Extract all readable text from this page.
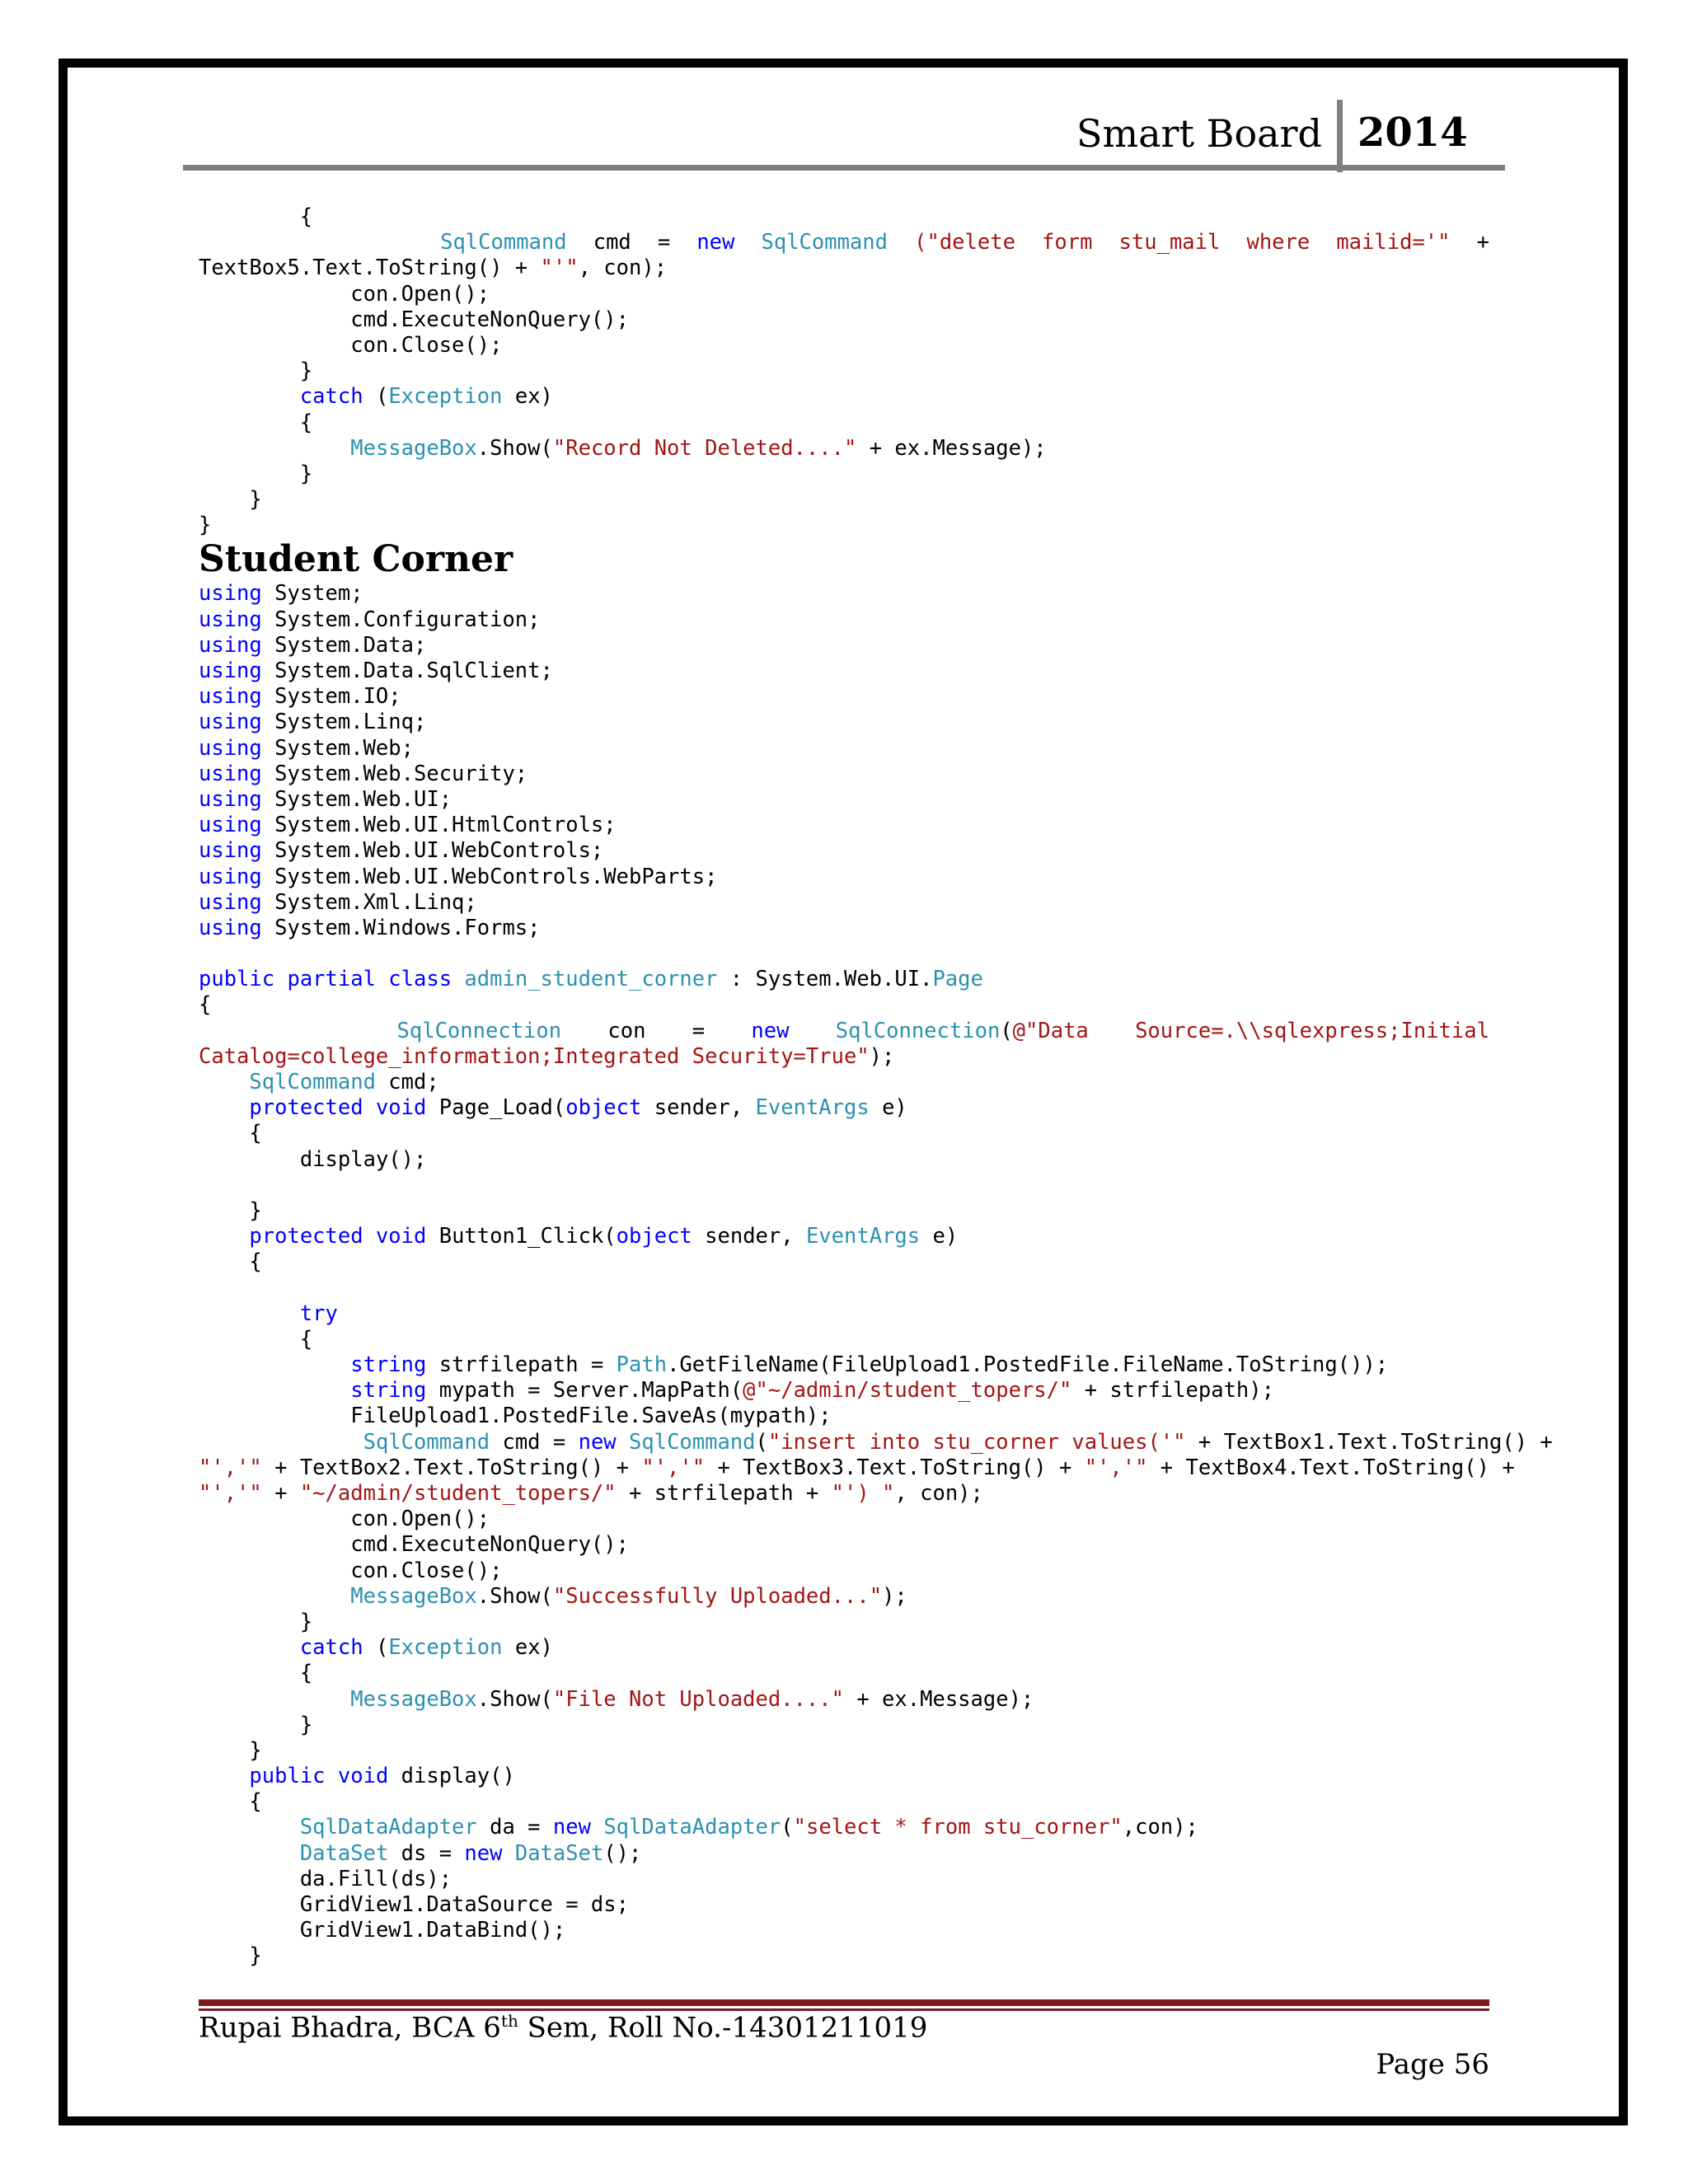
Smart Board 2014
{

SqlCommand cmd = new SqlCommand ("delete form stu_mail where mailid='" +
TextBox5.Text.ToString() + "'", con);
con.Open();
cmd.ExecuteNonQuery();
con.Close();
}
catch (Exception ex)
{
MessageBox.Show("Record Not Deleted...." + ex.Message);
}
}
}
Student Corner
using System;
using System.Configuration;
using System.Data;
using System.Data.SqlClient;
using System.IO;
using System.Linq;
using System.Web;
using System.Web.Security;
using System.Web.UI;
using System.Web.UI.HtmlControls;
using System.Web.UI.WebControls;
using System.Web.UI.WebControls.WebParts;
using System.Xml.Linq;
using System.Windows.Forms;
public partial class admin_student_corner : System.Web.UI.Page
{

SqlConnection con = new SqlConnection(@"Data Source=.\\sqlexpress;Initial
Catalog=college_information;Integrated Security=True");
SqlCommand cmd;
protected void Page_Load(object sender, EventArgs e)
{
display();
}
protected void Button1_Click(object sender, EventArgs e)
{
try
{
string strfilepath = Path.GetFileName(FileUpload1.PostedFile.FileName.ToString());
string mypath = Server.MapPath(@"~/admin/student_topers/" + strfilepath);
FileUpload1.PostedFile.SaveAs(mypath);
SqlCommand cmd = new SqlCommand("insert into stu_corner values('" + TextBox1.Text.ToString() +
"','" + TextBox2.Text.ToString() + "','" + TextBox3.Text.ToString() + "','" + TextBox4.Text.ToString() +
"','" + "~/admin/student_topers/" + strfilepath + "') ", con);
con.Open();
cmd.ExecuteNonQuery();
con.Close();
MessageBox.Show("Successfully Uploaded...");
}
catch (Exception ex)
{
MessageBox.Show("File Not Uploaded...." + ex.Message);
}
}
public void display()
{
SqlDataAdapter da = new SqlDataAdapter("select * from stu_corner",con);
DataSet ds = new DataSet();
da.Fill(ds);
GridView1.DataSource = ds;
GridView1.DataBind();
}
Rupai Bhadra, BCA 6th Sem, Roll No.-14301211019
Page 56
